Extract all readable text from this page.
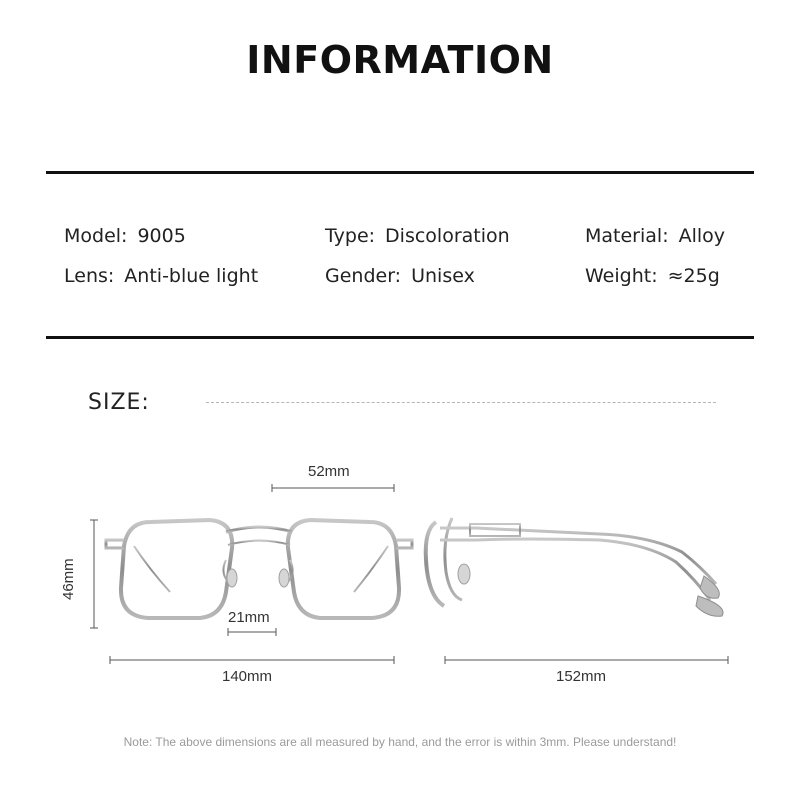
INFORMATION
Model: 9005	Type: Discoloration	Material: Alloy
Lens: Anti-blue light	Gender: Unisex	Weight: ≈25g
SIZE:
52mm
46mm
21mm
140mm	152mm
Note: The above dimensions are all measured by hand, and the error is within 3mm. Please understand!
